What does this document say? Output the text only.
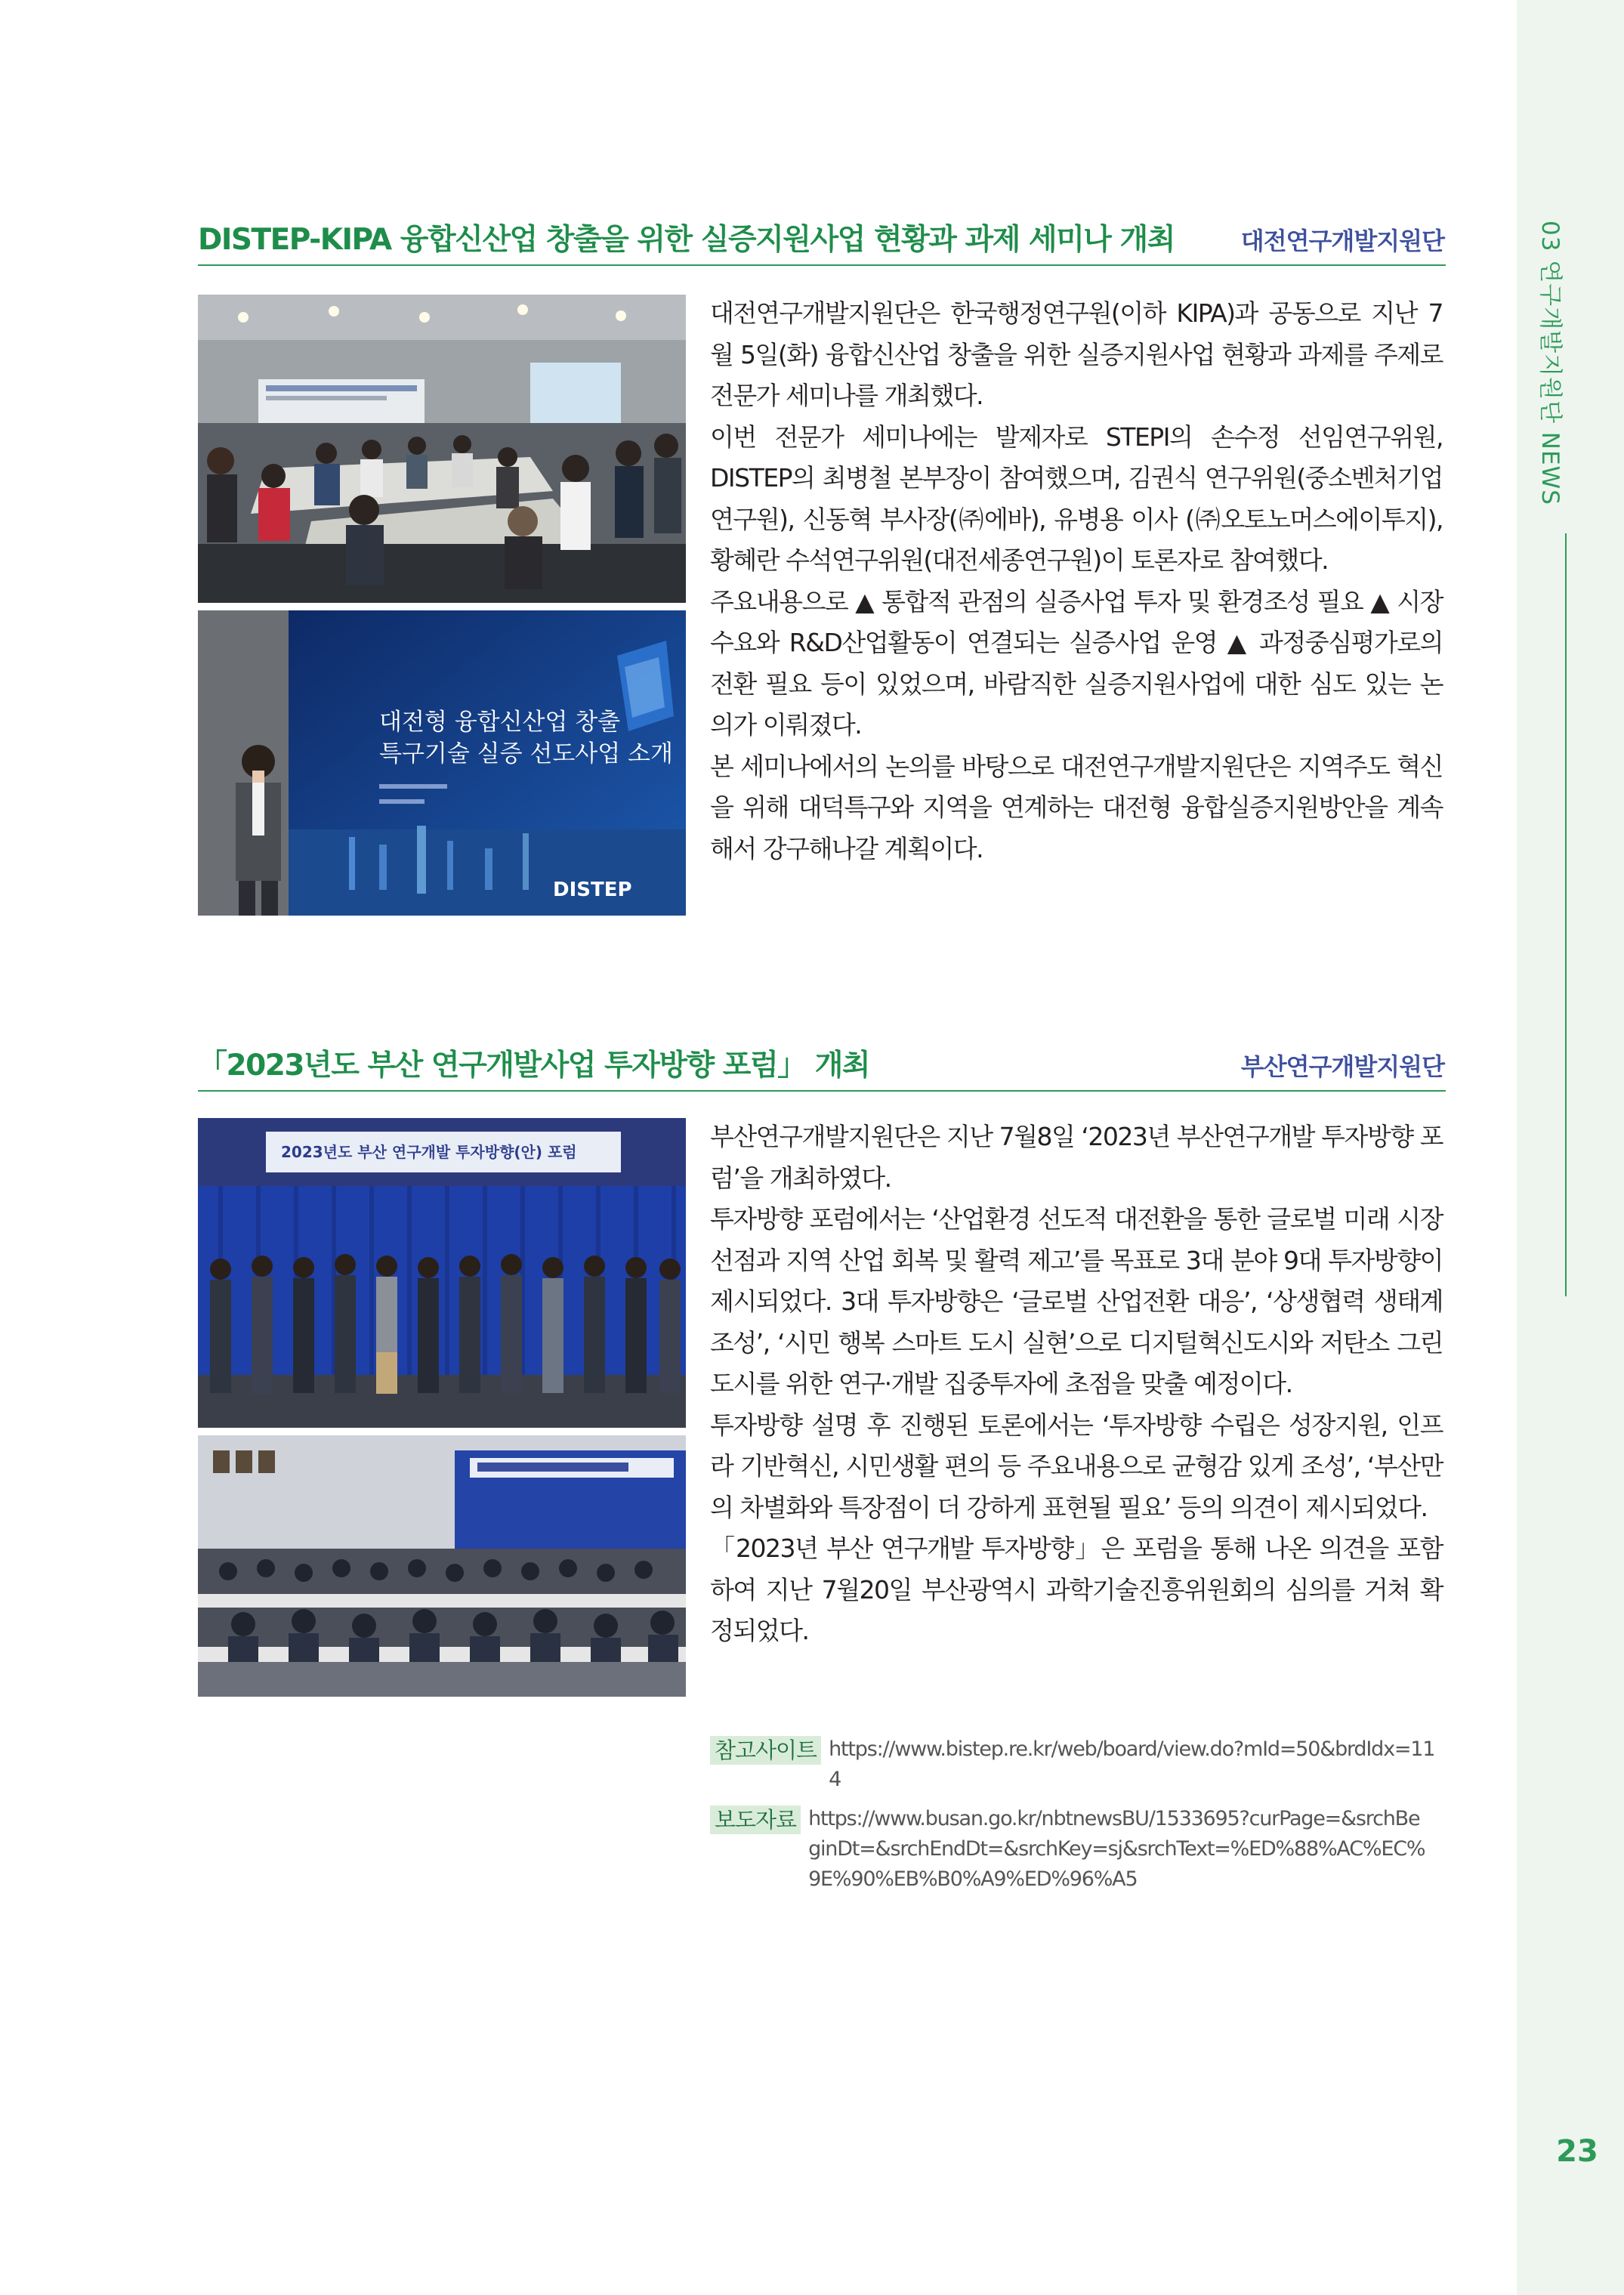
03 연구개발지원단 NEWS
23
DISTEP-KIPA 융합신산업 창출을 위한 실증지원사업 현황과 과제 세미나 개최	대전연구개발지원단
대전형 융합신산업 창출
특구기술 실증 선도사업 소개
DISTEP

대전연구개발지원단은 한국행정연구원(이하 KIPA)과 공동으로 지난 7월 5일(화) 융합신산업 창출을 위한 실증지원사업 현황과 과제를 주제로 전문가 세미나를 개최했다.

이번 전문가 세미나에는 발제자로 STEPI의 손수정 선임연구위원, DISTEP의 최병철 본부장이 참여했으며, 김권식 연구위원(중소벤처기업연구원), 신동혁 부사장(㈜에바), 유병용 이사 (㈜오토노머스에이투지), 황혜란 수석연구위원(대전세종연구원)이 토론자로 참여했다.

주요내용으로 ▲ 통합적 관점의 실증사업 투자 및 환경조성 필요 ▲ 시장수요와 R&D산업활동이 연결되는 실증사업 운영 ▲ 과정중심평가로의 전환 필요 등이 있었으며, 바람직한 실증지원사업에 대한 심도 있는 논의가 이뤄졌다.

본 세미나에서의 논의를 바탕으로 대전연구개발지원단은 지역주도 혁신을 위해 대덕특구와 지역을 연계하는 대전형 융합실증지원방안을 계속해서 강구해나갈 계획이다.

「2023년도 부산 연구개발사업 투자방향 포럼」 개최	부산연구개발지원단
2023년도 부산 연구개발 투자방향(안) 포럼

부산연구개발지원단은 지난 7월8일 ‘2023년 부산연구개발 투자방향 포럼’을 개최하였다.

투자방향 포럼에서는 ‘산업환경 선도적 대전환을 통한 글로벌 미래 시장 선점과 지역 산업 회복 및 활력 제고’를 목표로 3대 분야 9대 투자방향이 제시되었다. 3대 투자방향은 ‘글로벌 산업전환 대응’, ‘상생협력 생태계 조성’, ‘시민 행복 스마트 도시 실현’으로 디지털혁신도시와 저탄소 그린도시를 위한 연구·개발 집중투자에 초점을 맞출 예정이다.

투자방향 설명 후 진행된 토론에서는 ‘투자방향 수립은 성장지원, 인프라 기반혁신, 시민생활 편의 등 주요내용으로 균형감 있게 조성’, ‘부산만의 차별화와 특장점이 더 강하게 표현될 필요’ 등의 의견이 제시되었다.

「2023년 부산 연구개발 투자방향」은 포럼을 통해 나온 의견을 포함하여 지난 7월20일 부산광역시 과학기술진흥위원회의 심의를 거쳐 확정되었다.

참고사이트 https://www.bistep.re.kr/web/board/view.do?mId=50&brdIdx=114
보도자료 https://www.busan.go.kr/nbtnewsBU/1533695?curPage=&srchBeginDt=&srchEndDt=&srchKey=sj&srchText=%ED%88%AC%EC%9E%90%EB%B0%A9%ED%96%A5
